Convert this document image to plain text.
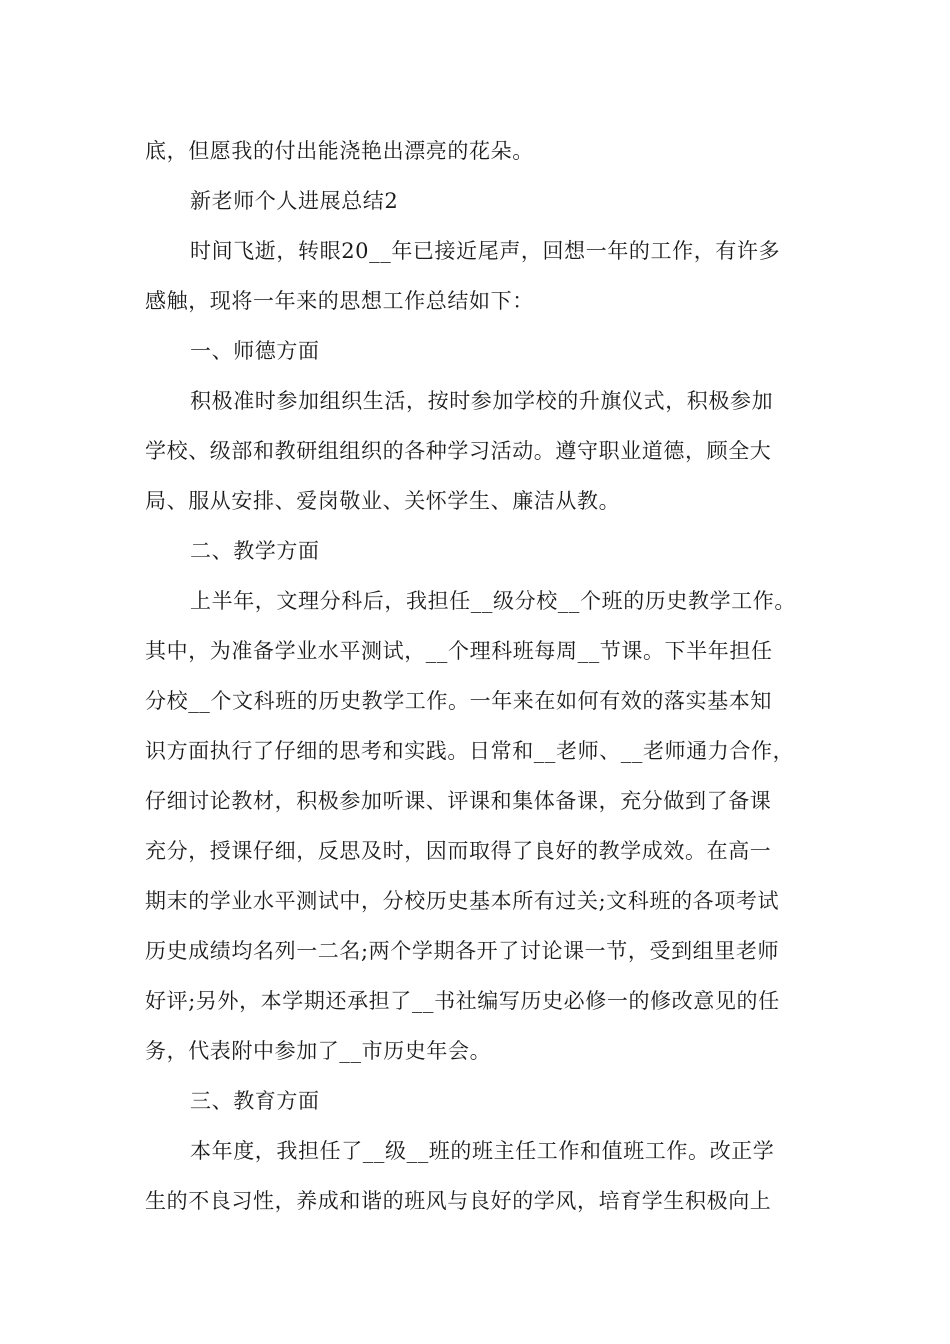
底，但愿我的付出能浇艳出漂亮的花朵。
新老师个人进展总结2
时间飞逝，转眼20__年已接近尾声，回想一年的工作，有许多
感触，现将一年来的思想工作总结如下：
一、师德方面
积极准时参加组织生活，按时参加学校的升旗仪式，积极参加
学校、级部和教研组组织的各种学习活动。遵守职业道德，顾全大
局、服从安排、爱岗敬业、关怀学生、廉洁从教。
二、教学方面
上半年，文理分科后，我担任__级分校__个班的历史教学工作。
其中，为准备学业水平测试，__个理科班每周__节课。下半年担任
分校__个文科班的历史教学工作。一年来在如何有效的落实基本知
识方面执行了仔细的思考和实践。日常和__老师、__老师通力合作，
仔细讨论教材，积极参加听课、评课和集体备课，充分做到了备课
充分，授课仔细，反思及时，因而取得了良好的教学成效。在高一
期末的学业水平测试中，分校历史基本所有过关;文科班的各项考试
历史成绩均名列一二名;两个学期各开了讨论课一节，受到组里老师
好评;另外，本学期还承担了__书社编写历史必修一的修改意见的任
务，代表附中参加了__市历史年会。
三、教育方面
本年度，我担任了__级__班的班主任工作和值班工作。改正学
生的不良习性，养成和谐的班风与良好的学风，培育学生积极向上
